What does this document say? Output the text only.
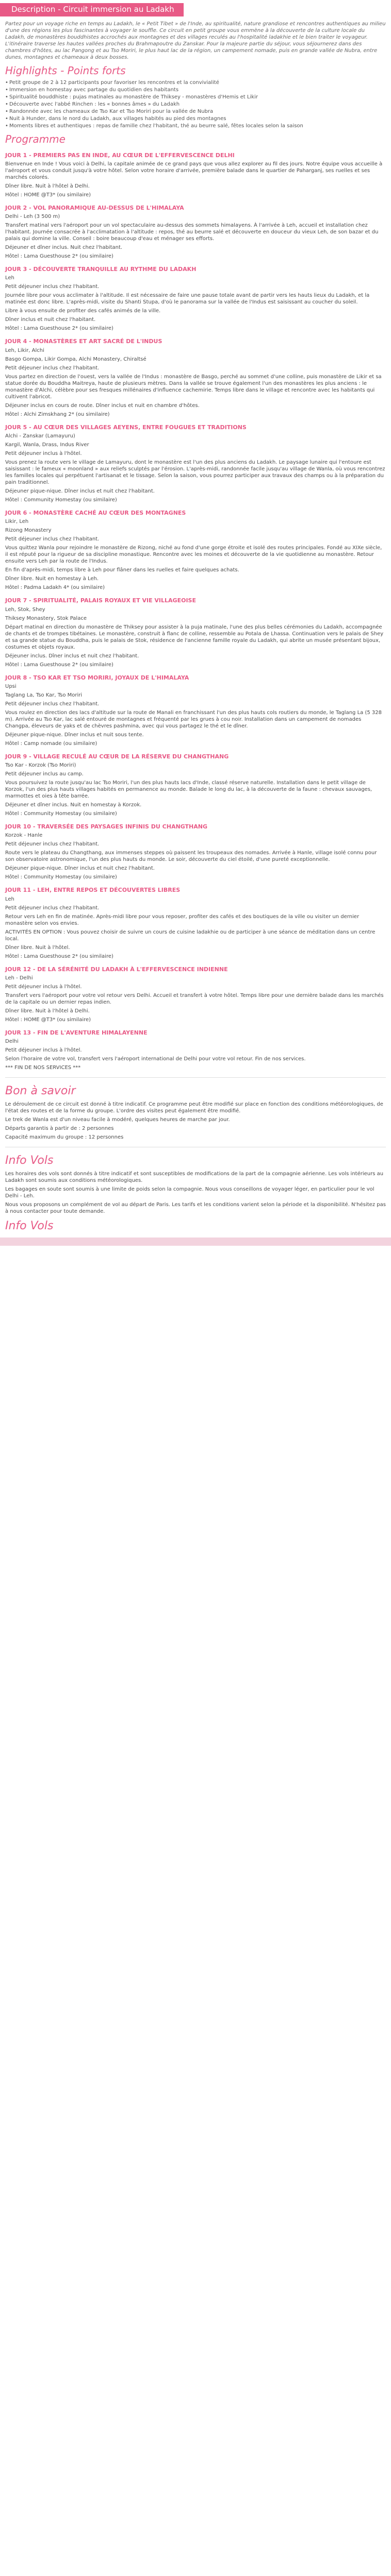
Description - Circuit immersion au Ladakh

Partez pour un voyage riche en temps au Ladakh, le « Petit Tibet » de l'Inde, au spiritualité, nature grandiose et rencontres authentiques au milieu d'une des régions les plus fascinantes à voyager le souffle. Ce circuit en petit groupe vous emmène à la découverte de la culture locale du Ladakh, de monastères bouddhistes accrochés aux montagnes et des villages reculés au l'hospitalité ladakhie et le bien traiter le voyageur. L'itinéraire traverse les hautes vallées proches du Brahmapoutre du Zanskar. Pour la majeure partie du séjour, vous séjournerez dans des chambres d'hôtes, au lac Pangong et au Tso Moriri, le plus haut lac de la région, un campement nomade, puis en grande vallée de Nubra, entre dunes, montagnes et chameaux à deux bosses.

Highlights - Points forts
• Petit groupe de 2 à 12 participants pour favoriser les rencontres et la convivialité
• Immersion en homestay avec partage du quotidien des habitants
• Spiritualité bouddhiste : pujas matinales au monastère de Thiksey - monastères d'Hemis et Likir
• Découverte avec l'abbé Rinchen : les « bonnes âmes » du Ladakh
• Randonnée avec les chameaux de Tso Kar et Tso Moriri pour la vallée de Nubra
• Nuit à Hunder, dans le nord du Ladakh, aux villages habités au pied des montagnes
• Moments libres et authentiques : repas de famille chez l'habitant, thé au beurre salé, fêtes locales selon la saison
Programme
JOUR 1 - PREMIERS PAS EN INDE, AU CŒUR DE L'EFFERVESCENCE DELHI

Bienvenue en Inde ! Vous voici à Delhi, la capitale animée de ce grand pays que vous allez explorer au fil des jours. Notre équipe vous accueille à l'aéroport et vous conduit jusqu'à votre hôtel. Selon votre horaire d'arrivée, première balade dans le quartier de Paharganj, ses ruelles et ses marchés colorés.

Dîner libre. Nuit à l'hôtel à Delhi.

Hôtel : HOME @T3* (ou similaire)

JOUR 2 - VOL PANORAMIQUE AU-DESSUS DE L'HIMALAYA

Delhi - Leh (3 500 m)

Transfert matinal vers l'aéroport pour un vol spectaculaire au-dessus des sommets himalayens. À l'arrivée à Leh, accueil et installation chez l'habitant. Journée consacrée à l'acclimatation à l'altitude : repos, thé au beurre salé et découverte en douceur du vieux Leh, de son bazar et du palais qui domine la ville. Conseil : boire beaucoup d'eau et ménager ses efforts.

Déjeuner et dîner inclus. Nuit chez l'habitant.

Hôtel : Lama Guesthouse 2* (ou similaire)

JOUR 3 - DÉCOUVERTE TRANQUILLE AU RYTHME DU LADAKH

Leh

Petit déjeuner inclus chez l'habitant.

Journée libre pour vous acclimater à l'altitude. Il est nécessaire de faire une pause totale avant de partir vers les hauts lieux du Ladakh, et la matinée est donc libre. L'après-midi, visite du Shanti Stupa, d'où le panorama sur la vallée de l'Indus est saisissant au coucher du soleil.

Libre à vous ensuite de profiter des cafés animés de la ville.

Dîner inclus et nuit chez l'habitant.

Hôtel : Lama Guesthouse 2* (ou similaire)

JOUR 4 - MONASTÈRES ET ART SACRÉ DE L'INDUS

Leh, Likir, Alchi

Basgo Gompa, Likir Gompa, Alchi Monastery, Chiraltsé

Petit déjeuner inclus chez l'habitant.

Vous partez en direction de l'ouest, vers la vallée de l'Indus : monastère de Basgo, perché au sommet d'une colline, puis monastère de Likir et sa statue dorée du Bouddha Maitreya, haute de plusieurs mètres. Dans la vallée se trouve également l'un des monastères les plus anciens : le monastère d'Alchi, célèbre pour ses fresques millénaires d'influence cachemirie. Temps libre dans le village et rencontre avec les habitants qui cultivent l'abricot.

Déjeuner inclus en cours de route. Dîner inclus et nuit en chambre d'hôtes.

Hôtel : Alchi Zimskhang 2* (ou similaire)

JOUR 5 - AU CŒUR DES VILLAGES AEYENS, ENTRE FOUGUES ET TRADITIONS

Alchi - Zanskar (Lamayuru)

Kargil, Wanla, Drass, Indus River

Petit déjeuner inclus à l'hôtel.

Vous prenez la route vers le village de Lamayuru, dont le monastère est l'un des plus anciens du Ladakh. Le paysage lunaire qui l'entoure est saisissant : le fameux « moonland » aux reliefs sculptés par l'érosion. L'après-midi, randonnée facile jusqu'au village de Wanla, où vous rencontrez les familles locales qui perpétuent l'artisanat et le tissage. Selon la saison, vous pourrez participer aux travaux des champs ou à la préparation du pain traditionnel.

Déjeuner pique-nique. Dîner inclus et nuit chez l'habitant.

Hôtel : Community Homestay (ou similaire)

JOUR 6 - MONASTÈRE CACHÉ AU CŒUR DES MONTAGNES

Likir, Leh

Rizong Monastery

Petit déjeuner inclus chez l'habitant.

Vous quittez Wanla pour rejoindre le monastère de Rizong, niché au fond d'une gorge étroite et isolé des routes principales. Fondé au XIXe siècle, il est réputé pour la rigueur de sa discipline monastique. Rencontre avec les moines et découverte de la vie quotidienne au monastère. Retour ensuite vers Leh par la route de l'Indus.

En fin d'après-midi, temps libre à Leh pour flâner dans les ruelles et faire quelques achats.

Dîner libre. Nuit en homestay à Leh.

Hôtel : Padma Ladakh 4* (ou similaire)

JOUR 7 - SPIRITUALITÉ, PALAIS ROYAUX ET VIE VILLAGEOISE

Leh, Stok, Shey

Thiksey Monastery, Stok Palace

Départ matinal en direction du monastère de Thiksey pour assister à la puja matinale, l'une des plus belles cérémonies du Ladakh, accompagnée de chants et de trompes tibétaines. Le monastère, construit à flanc de colline, ressemble au Potala de Lhassa. Continuation vers le palais de Shey et sa grande statue du Bouddha, puis le palais de Stok, résidence de l'ancienne famille royale du Ladakh, qui abrite un musée présentant bijoux, costumes et objets royaux.

Déjeuner inclus. Dîner inclus et nuit chez l'habitant.

Hôtel : Lama Guesthouse 2* (ou similaire)

JOUR 8 - TSO KAR ET TSO MORIRI, JOYAUX DE L'HIMALAYA

Upsi

Taglang La, Tso Kar, Tso Moriri

Petit déjeuner inclus chez l'habitant.

Vous roulez en direction des lacs d'altitude sur la route de Manali en franchissant l'un des plus hauts cols routiers du monde, le Taglang La (5 328 m). Arrivée au Tso Kar, lac salé entouré de montagnes et fréquenté par les grues à cou noir. Installation dans un campement de nomades Changpa, éleveurs de yaks et de chèvres pashmina, avec qui vous partagez le thé et le dîner.

Déjeuner pique-nique. Dîner inclus et nuit sous tente.

Hôtel : Camp nomade (ou similaire)

JOUR 9 - VILLAGE RECULÉ AU CŒUR DE LA RÉSERVE DU CHANGTHANG

Tso Kar - Korzok (Tso Moriri)

Petit déjeuner inclus au camp.

Vous poursuivez la route jusqu'au lac Tso Moriri, l'un des plus hauts lacs d'Inde, classé réserve naturelle. Installation dans le petit village de Korzok, l'un des plus hauts villages habités en permanence au monde. Balade le long du lac, à la découverte de la faune : chevaux sauvages, marmottes et oies à tête barrée.

Déjeuner et dîner inclus. Nuit en homestay à Korzok.

Hôtel : Community Homestay (ou similaire)

JOUR 10 - TRAVERSÉE DES PAYSAGES INFINIS DU CHANGTHANG

Korzok - Hanle

Petit déjeuner inclus chez l'habitant.

Route vers le plateau du Changthang, aux immenses steppes où paissent les troupeaux des nomades. Arrivée à Hanle, village isolé connu pour son observatoire astronomique, l'un des plus hauts du monde. Le soir, découverte du ciel étoilé, d'une pureté exceptionnelle.

Déjeuner pique-nique. Dîner inclus et nuit chez l'habitant.

Hôtel : Community Homestay (ou similaire)

JOUR 11 - LEH, ENTRE REPOS ET DÉCOUVERTES LIBRES

Leh

Petit déjeuner inclus chez l'habitant.

Retour vers Leh en fin de matinée. Après-midi libre pour vous reposer, profiter des cafés et des boutiques de la ville ou visiter un dernier monastère selon vos envies.

ACTIVITÉS EN OPTION : Vous pouvez choisir de suivre un cours de cuisine ladakhie ou de participer à une séance de méditation dans un centre local.

Dîner libre. Nuit à l'hôtel.

Hôtel : Lama Guesthouse 2* (ou similaire)

JOUR 12 - DE LA SÉRÉNITÉ DU LADAKH À L'EFFERVESCENCE INDIENNE

Leh - Delhi

Petit déjeuner inclus à l'hôtel.

Transfert vers l'aéroport pour votre vol retour vers Delhi. Accueil et transfert à votre hôtel. Temps libre pour une dernière balade dans les marchés de la capitale ou un dernier repas indien.

Dîner libre. Nuit à l'hôtel à Delhi.

Hôtel : HOME @T3* (ou similaire)

JOUR 13 - FIN DE L'AVENTURE HIMALAYENNE

Delhi

Petit déjeuner inclus à l'hôtel.

Selon l'horaire de votre vol, transfert vers l'aéroport international de Delhi pour votre vol retour. Fin de nos services.

*** FIN DE NOS SERVICES ***

Bon à savoir

Le déroulement de ce circuit est donné à titre indicatif. Ce programme peut être modifié sur place en fonction des conditions météorologiques, de l'état des routes et de la forme du groupe. L'ordre des visites peut également être modifié.

Le trek de Wanla est d'un niveau facile à modéré, quelques heures de marche par jour.

Départs garantis à partir de : 2 personnes

Capacité maximum du groupe : 12 personnes

Info Vols

Les horaires des vols sont donnés à titre indicatif et sont susceptibles de modifications de la part de la compagnie aérienne. Les vols intérieurs au Ladakh sont soumis aux conditions météorologiques.

Les bagages en soute sont soumis à une limite de poids selon la compagnie. Nous vous conseillons de voyager léger, en particulier pour le vol Delhi - Leh.

Nous vous proposons un complément de vol au départ de Paris. Les tarifs et les conditions varient selon la période et la disponibilité. N'hésitez pas à nous contacter pour toute demande.

Info Vols
